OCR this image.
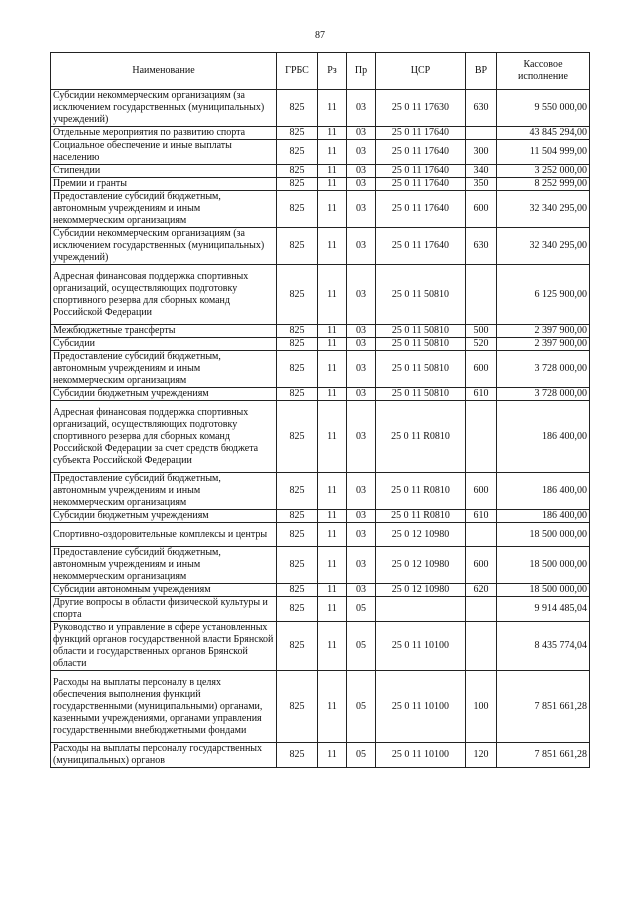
87
Наименование	ГРБС	Рз	Пр	ЦСР	ВР	Кассовое исполнение
Субсидии некоммерческим организациям (за исключением государственных (муниципальных) учреждений)	825	11	03	25 0 11 17630	630	9 550 000,00
Отдельные мероприятия по развитию спорта	825	11	03	25 0 11 17640		43 845 294,00
Социальное обеспечение и иные выплаты населению	825	11	03	25 0 11 17640	300	11 504 999,00
Стипендии	825	11	03	25 0 11 17640	340	3 252 000,00
Премии и гранты	825	11	03	25 0 11 17640	350	8 252 999,00
Предоставление субсидий бюджетным, автономным учреждениям и иным некоммерческим организациям	825	11	03	25 0 11 17640	600	32 340 295,00
Субсидии некоммерческим организациям (за исключением государственных (муниципальных) учреждений)	825	11	03	25 0 11 17640	630	32 340 295,00
Адресная финансовая поддержка спортивных организаций, осуществляющих подготовку спортивного резерва для сборных команд Российской Федерации	825	11	03	25 0 11 50810		6 125 900,00
Межбюджетные трансферты	825	11	03	25 0 11 50810	500	2 397 900,00
Субсидии	825	11	03	25 0 11 50810	520	2 397 900,00
Предоставление субсидий бюджетным, автономным учреждениям и иным некоммерческим организациям	825	11	03	25 0 11 50810	600	3 728 000,00
Субсидии бюджетным учреждениям	825	11	03	25 0 11 50810	610	3 728 000,00
Адресная финансовая поддержка спортивных организаций, осуществляющих подготовку спортивного резерва для сборных команд Российской Федерации за счет средств бюджета субъекта Российской Федерации	825	11	03	25 0 11 R0810		186 400,00
Предоставление субсидий бюджетным, автономным учреждениям и иным некоммерческим организациям	825	11	03	25 0 11 R0810	600	186 400,00
Субсидии бюджетным учреждениям	825	11	03	25 0 11 R0810	610	186 400,00
Спортивно-оздоровительные комплексы и центры	825	11	03	25 0 12 10980		18 500 000,00
Предоставление субсидий бюджетным, автономным учреждениям и иным некоммерческим организациям	825	11	03	25 0 12 10980	600	18 500 000,00
Субсидии автономным учреждениям	825	11	03	25 0 12 10980	620	18 500 000,00
Другие вопросы в области физической культуры и спорта	825	11	05			9 914 485,04
Руководство и управление в сфере установленных функций органов государственной власти Брянской области и государственных органов Брянской области	825	11	05	25 0 11 10100		8 435 774,04
Расходы на выплаты персоналу в целях обеспечения выполнения функций государственными (муниципальными) органами, казенными учреждениями, органами управления государственными внебюджетными фондами	825	11	05	25 0 11 10100	100	7 851 661,28
Расходы на выплаты персоналу государственных (муниципальных) органов	825	11	05	25 0 11 10100	120	7 851 661,28
